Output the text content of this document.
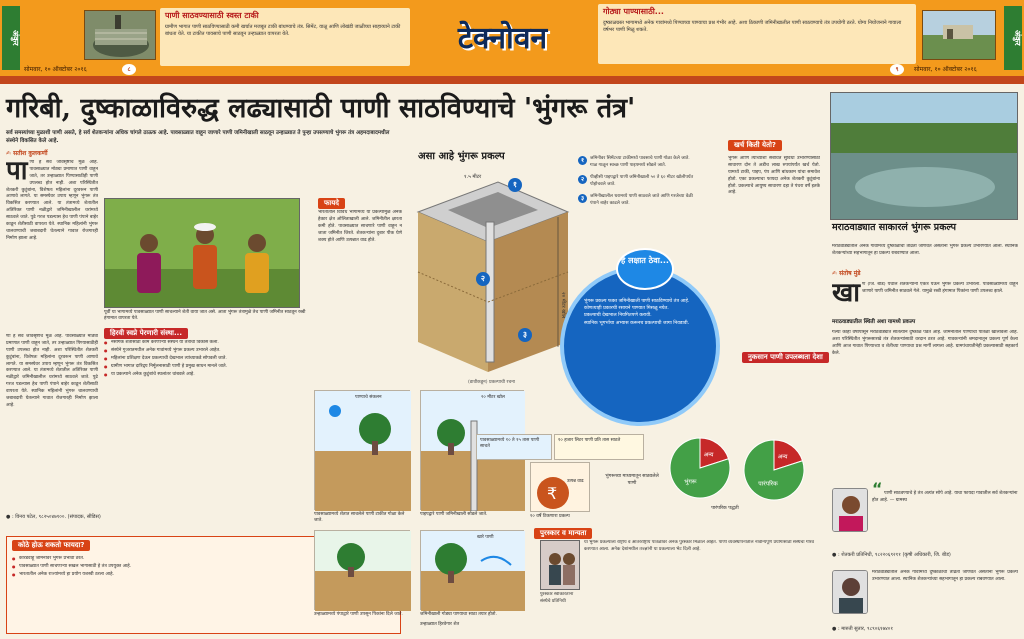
अंकुर	अंकुर
पाणी साठवण्यासाठी स्वस्त टाकी
ग्रामीण भागात पाणी साठविण्यासाठी कमी खर्चात मजबूत टाकी बांधण्याचे तंत्र. सिमेंट, वाळू आणि लोखंडी जाळीच्या साहाय्याने टाकी बांधता येते. या टाकीत पावसाचे पाणी साठवून उन्हाळ्यात वापरता येते.	टेक्नोवन
गोठ्या पाण्यासाठी...
दुष्काळग्रस्त भागामध्ये अनेक गावांमध्ये पिण्याच्या पाण्याचा प्रश्न गंभीर आहे. अशा ठिकाणी जमिनीखालील पाणी साठवण्याचे तंत्र उपयोगी ठरते. योग्य नियोजनाने गावाला वर्षभर पाणी मिळू शकते.
सोमवार, १० ऑक्टोबर २०१६	८	९	सोमवार, १० ऑक्टोबर २०१६
गरिबी, दुष्काळाविरुद्ध लढ्यासाठी पाणी साठविण्याचे 'भुंगरू तंत्र'
सर्व समस्यांच्या मुळाशी पाणी असते, हे सर्व शेतकऱ्यांना अधिक चांगले ठाऊक आहे. पावसाळ्यात वाहून जाणारे पाणी जमिनीखाली साठवून उन्हाळ्यात ते पुन्हा उपसण्याचे भुंगरू तंत्र अहमदाबादमधील संस्थेने विकसित केले आहे.
✍ सतीश कुलकर्णी
पा णी हे सर्व जीवसृष्टीचे मूळ आहे. पावसाळ्यात मोठ्या प्रमाणात पाणी वाहून जाते, तर उन्हाळ्यात पिण्यासाठीही पाणी उपलब्ध होत नाही. अशा परिस्थितीत शेतकरी कुटुंबांना, विशेषतः महिलांना दूरवरून पाणी आणावे लागते. या समस्येवर उपाय म्हणून भुंगरू तंत्र विकसित करण्यात आले. या तंत्रामध्ये शेतातील अतिरिक्त पाणी नळीद्वारे जमिनीखालील थरांमध्ये साठवले जाते. पुढे गरज पडल्यास हेच पाणी पंपाने बाहेर काढून शेतीसाठी वापरता येते. स्थानिक महिलांनी भुंगरू चालवण्याची जबाबदारी घेतल्याने गावात रोजगारही निर्माण झाला आहे.
फायदे
भारतातील विविध भागांमध्ये या प्रकल्पामुळे अनेक हेक्टर क्षेत्र ओलिताखाली आले. जमिनीतील क्षारता कमी होते. पावसाळ्यात साचणारे पाणी वाहून न जाता जमिनीत जिरते. शेतकऱ्यांना दुबार पीक घेणे शक्य होते आणि उत्पन्नात वाढ होते.
पूर्वी या भागामध्ये पावसाळ्यात पाणी साचल्याने शेती वाया जात असे. आता भुंगरू तंत्रामुळे तेच पाणी जमिनीत साठवून रब्बी हंगामात वापरता येते.
हिरवी स्वप्ने पेरणारी संस्था...
● नैसर्गिक शेतीसाठी काम करणाऱ्या संस्थेने या तंत्राचा विकास केला.
● संस्थेने गुजरातमधील अनेक गावांमध्ये भुंगरू प्रकल्प उभारले आहेत.
● महिलांना प्रशिक्षण देऊन प्रकल्पाची देखभाल त्यांच्याकडे सोपवली जाते.
● ग्रामीण भागात दारिद्र्य निर्मूलनासाठी पाणी हे प्रमुख साधन मानले जाते.
● या प्रकल्पाने अनेक कुटुंबांचे स्थलांतर थांबवले आहे.
णी हे सर्व जीवसृष्टीचे मूळ आहे. पावसाळ्यात मोठ्या प्रमाणात पाणी वाहून जाते, तर उन्हाळ्यात पिण्यासाठीही पाणी उपलब्ध होत नाही. अशा परिस्थितीत शेतकरी कुटुंबांना, विशेषतः महिलांना दूरवरून पाणी आणावे लागते. या समस्येवर उपाय म्हणून भुंगरू तंत्र विकसित करण्यात आले. या तंत्रामध्ये शेतातील अतिरिक्त पाणी नळीद्वारे जमिनीखालील थरांमध्ये साठवले जाते. पुढे गरज पडल्यास हेच पाणी पंपाने बाहेर काढून शेतीसाठी वापरता येते. स्थानिक महिलांनी भुंगरू चालवण्याची जबाबदारी घेतल्याने गावात रोजगारही निर्माण झाला आहे.
● : विनय पटेल, ९८२५०४७१००. (संपादक, सीडिस)
कोठे होऊ शकतो फायदा?
● कोरडवाहू जमिनीवर भुंगरू प्रभावी ठरते.
● पावसाळ्यात पाणी साचणाऱ्या सखल भागासाठी हे तंत्र उपयुक्त आहे.
● भारतातील अनेक राज्यांमध्ये हा प्रयोग यशस्वी ठरला आहे.
असा आहे भुंगरू प्रकल्प
२० मीटर खोल
१.५ मीटर
१
२
३
१	जमिनीवर सिमेंटच्या टाकीमध्ये पावसाचे पाणी गोळा केले जाते. गाळ गाळून स्वच्छ पाणी पाइपमध्ये सोडले जाते.
२	पीव्हीसी पाइपद्वारे पाणी जमिनीखाली ५० ते ६० मीटर खोलीपर्यंत पोहोचवले जाते.
३	जमिनीखालील थरामध्ये पाणी साठवले जाते आणि गरजेच्या वेळी पंपाने बाहेर काढले जाते.
भुंगरू प्रकल्प फक्त जमिनीखाली पाणी साठविण्याचे तंत्र आहे.
कोणत्याही प्रकारची रसायने पाण्यात मिसळू नयेत.
प्रकल्पाची देखभाल नियमितपणे करावी.
स्थानिक भूगर्भाचा अभ्यास करूनच प्रकल्पाची जागा निवडावी.
हे लक्षात ठेवा...
(डावीकडून) प्रकल्पाची रचना
खर्च किती येतो?
भुंगरू आणि त्याच्याशी संबंधित सुविधा उभारण्यासाठी साधारण दोन ते अडीच लाख रुपयांपर्यंत खर्च येतो. यामध्ये टाकी, पाइप, पंप आणि बांधकाम यांचा समावेश होतो. एका प्रकल्पाचा फायदा अनेक शेतकरी कुटुंबांना होतो. प्रकल्पाचे आयुष्य साधारण दहा ते पंधरा वर्षे इतके आहे.
पाण्याचे संकलन
पावसाळ्यामध्ये शेतात साचलेले पाणी टाकीत गोळा केले जाते.
२० मीटर खोल
पाइपद्वारे पाणी जमिनीखाली सोडले जाते.
पावसाळ्यामध्ये १० ते १५ तास पाणी साचते
१० हजार लिटर पाणी प्रति तास साठते
₹
उत्पन्न वाढ
१० वर्षे टिकणारा प्रकल्प
उन्हाळ्यामध्ये पंपाद्वारे पाणी उपसून पिकांना दिले जाते.
खारे पाणी
जमिनीखाली गोड्या पाण्याचा साठा तयार होतो.
उन्हाळ्यात हिरवेगार शेत
नुकसान पाणी उपलब्धता देशा
अन्य
भुंगरू
अन्य
पारंपरिक
भुंगरूच्या माध्यमातून साठवलेले पाणी
पारंपरिक पद्धती
पुरस्कार व मान्यता
पुरस्कार स्वीकारताना संस्थेचे प्रतिनिधी
या भुंगरू प्रकल्पाला राष्ट्रीय व आंतरराष्ट्रीय पातळीवर अनेक पुरस्कार मिळाले आहेत. पाणी व्यवस्थापनातील नावीन्यपूर्ण प्रयोगासाठी संस्थेचा गौरव करण्यात आला. अनेक देशांमधील तज्ज्ञांनी या प्रकल्पाला भेट दिली आहे.
मराठवाड्यात साकारलं भुंगरू प्रकल्प
मराठवाड्यातील अनेक गावांमध्ये दुष्काळाची तीव्रता जाणवत असताना भुंगरू प्रकल्प उभारण्यात आला. स्थानिक शेतकऱ्यांच्या सहभागातून हा प्रकल्प राबवण्यात आला.
✍ संतोष मुंडे
खा ण (जि. बीड) येथील शेतकऱ्यांनी एकत्र येऊन भुंगरू प्रकल्प उभारला. पावसाळ्यामध्ये वाहून जाणारे पाणी जमिनीत साठवले गेले. यामुळे रब्बी हंगामात पिकांना पाणी उपलब्ध झाले.
मराठवाड्यातील स्थिती अशा यामध्ये प्रकल्प
गेल्या काही वर्षांपासून मराठवाड्यात सातत्याने दुष्काळ पडत आहे. जमिनीतील पाण्याची पातळी खालावली आहे. अशा परिस्थितीत भुंगरूसारखे तंत्र शेतकऱ्यांसाठी वरदान ठरत आहे. गावकऱ्यांनी श्रमदानातून प्रकल्प पूर्ण केला आणि आज गावात पिण्याच्या व शेतीच्या पाण्याचा प्रश्न मार्गी लागला आहे. ग्रामपंचायतीनेही प्रकल्पासाठी सहकार्य केले.
“ पाणी साठवण्याचे हे तंत्र अत्यंत सोपे आहे. याचा फायदा गावातील सर्व शेतकऱ्यांना होत आहे. — ग्रामस्थ
● : शेतकरी प्रतिनिधी, ९८२२०६९२११ (कृषी अधिकारी, जि. बीड)
मराठवाड्यातील अनेक गावांमध्ये दुष्काळाची तीव्रता जाणवत असताना भुंगरू प्रकल्प उभारण्यात आला. स्थानिक शेतकऱ्यांच्या सहभागातून हा प्रकल्प राबवण्यात आला.
● : मारुती सुतार, ९८९०६१७४०१
